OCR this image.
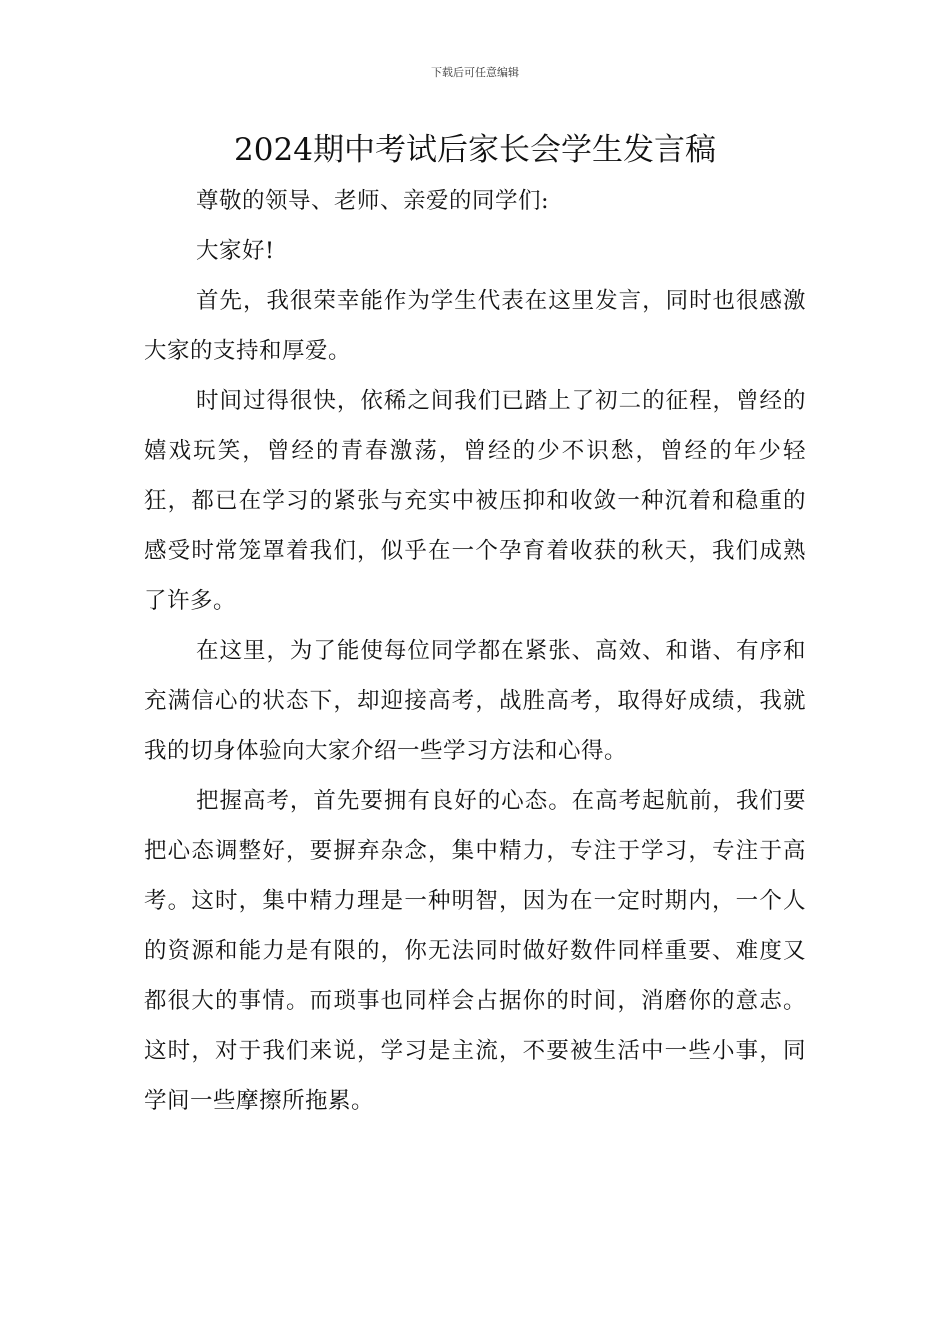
下载后可任意编辑
2024期中考试后家长会学生发言稿

尊敬的领导、老师、亲爱的同学们:

大家好!

首先，我很荣幸能作为学生代表在这里发言，同时也很感激大家的支持和厚爱。

时间过得很快，依稀之间我们已踏上了初二的征程，曾经的嬉戏玩笑，曾经的青春激荡，曾经的少不识愁，曾经的年少轻狂，都已在学习的紧张与充实中被压抑和收敛一种沉着和稳重的感受时常笼罩着我们，似乎在一个孕育着收获的秋天，我们成熟了许多。

在这里，为了能使每位同学都在紧张、高效、和谐、有序和充满信心的状态下，却迎接高考，战胜高考，取得好成绩，我就我的切身体验向大家介绍一些学习方法和心得。

把握高考，首先要拥有良好的心态。在高考起航前，我们要把心态调整好，要摒弃杂念，集中精力，专注于学习，专注于高考。这时，集中精力理是一种明智，因为在一定时期内，一个人的资源和能力是有限的，你无法同时做好数件同样重要、难度又都很大的事情。而琐事也同样会占据你的时间，消磨你的意志。这时，对于我们来说，学习是主流，不要被生活中一些小事，同学间一些摩擦所拖累。
